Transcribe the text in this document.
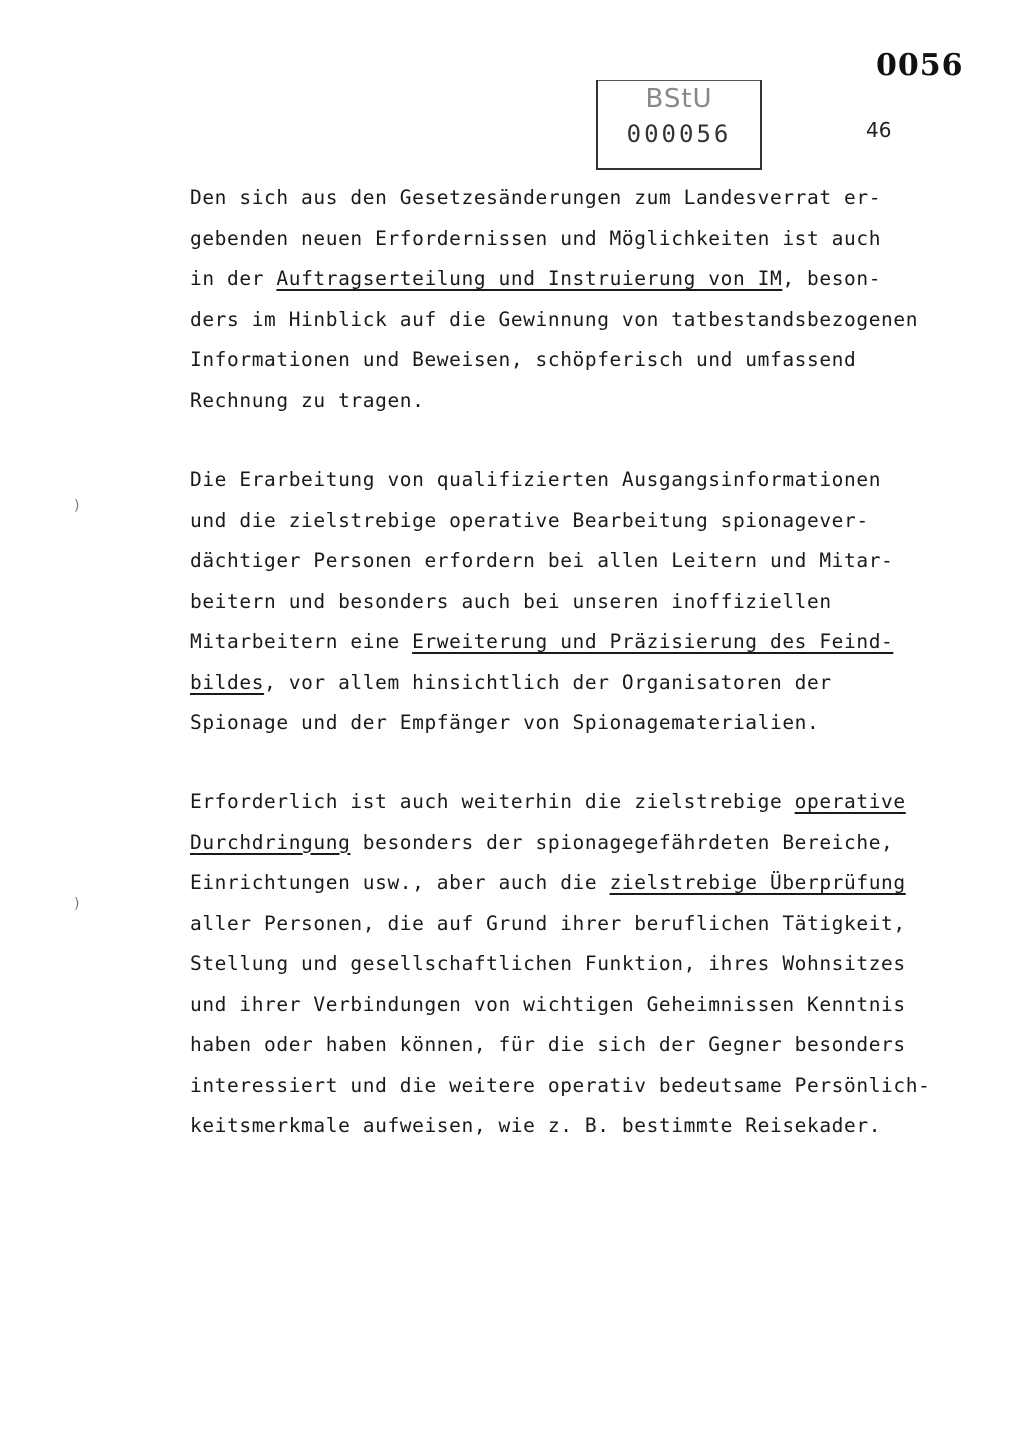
0056
BStU
000056	46
)
)
Den sich aus den Gesetzesänderungen zum Landesverrat er-
gebenden neuen Erfordernissen und Möglichkeiten ist auch
in der Auftragserteilung und Instruierung von IM, beson-
ders im Hinblick auf die Gewinnung von tatbestandsbezogenen
Informationen und Beweisen, schöpferisch und umfassend
Rechnung zu tragen.
Die Erarbeitung von qualifizierten Ausgangsinformationen
und die zielstrebige operative Bearbeitung spionagever-
dächtiger Personen erfordern bei allen Leitern und Mitar-
beitern und besonders auch bei unseren inoffiziellen
Mitarbeitern eine Erweiterung und Präzisierung des Feind-
bildes, vor allem hinsichtlich der Organisatoren der
Spionage und der Empfänger von Spionagematerialien.
Erforderlich ist auch weiterhin die zielstrebige operative
Durchdringung besonders der spionagegefährdeten Bereiche,
Einrichtungen usw., aber auch die zielstrebige Überprüfung
aller Personen, die auf Grund ihrer beruflichen Tätigkeit,
Stellung und gesellschaftlichen Funktion, ihres Wohnsitzes
und ihrer Verbindungen von wichtigen Geheimnissen Kenntnis
haben oder haben können, für die sich der Gegner besonders
interessiert und die weitere operativ bedeutsame Persönlich-
keitsmerkmale aufweisen, wie z. B. bestimmte Reisekader.
